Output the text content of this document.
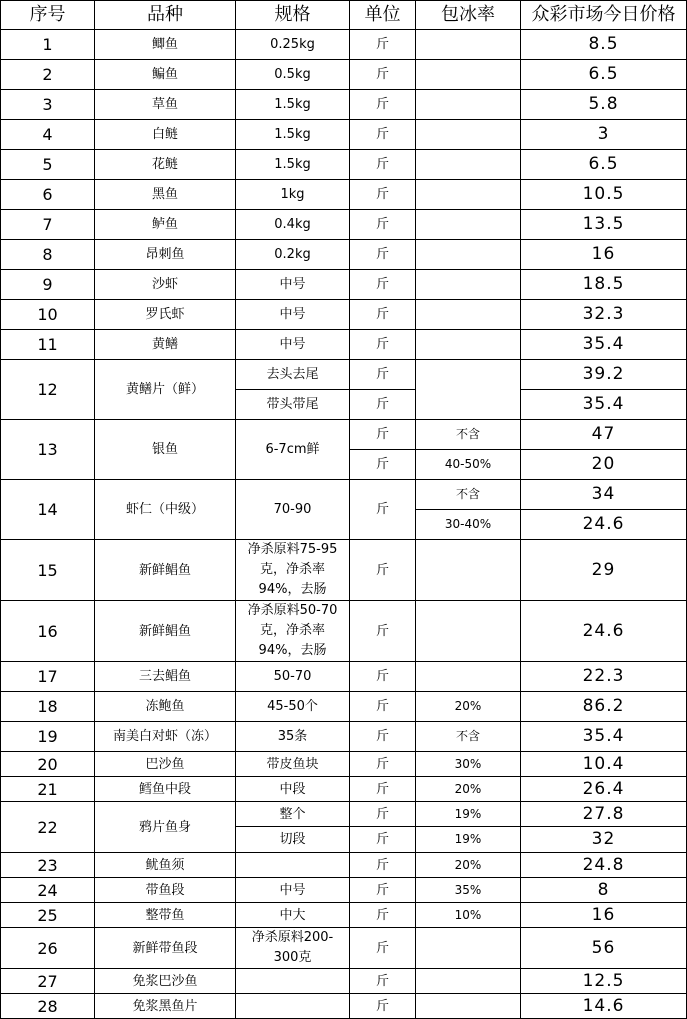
序号	品种	规格	单位	包冰率	众彩市场今日价格
1	鲫鱼	0.25kg	斤		8.5
2	鳊鱼	0.5kg	斤		6.5
3	草鱼	1.5kg	斤		5.8
4	白鲢	1.5kg	斤		3
5	花鲢	1.5kg	斤		6.5
6	黑鱼	1kg	斤		10.5
7	鲈鱼	0.4kg	斤		13.5
8	昂刺鱼	0.2kg	斤		16
9	沙虾	中号	斤		18.5
10	罗氏虾	中号	斤		32.3
11	黄鳝	中号	斤		35.4
12	黄鳝片（鲜）	去头去尾	斤		39.2
		带头带尾	斤		35.4
13	银鱼	6-7cm鲜	斤	不含	47
			斤	40-50%	20
14	虾仁（中级）	70-90	斤	不含	34
				30-40%	24.6
15	新鲜鲳鱼	净杀原料75-95
克，净杀率
94%，去肠	斤		29
16	新鲜鲳鱼	净杀原料50-70
克，净杀率
94%，去肠	斤		24.6
17	三去鲳鱼	50-70	斤		22.3
18	冻鲍鱼	45-50个	斤	20%	86.2
19	南美白对虾（冻）	35条	斤	不含	35.4
20	巴沙鱼	带皮鱼块	斤	30%	10.4
21	鳕鱼中段	中段	斤	20%	26.4
22	鸦片鱼身	整个	斤	19%	27.8
		切段	斤	19%	32
23	鱿鱼须		斤	20%	24.8
24	带鱼段	中号	斤	35%	8
25	整带鱼	中大	斤	10%	16
26	新鲜带鱼段	净杀原料200-
300克	斤		56
27	免浆巴沙鱼		斤		12.5
28	免浆黑鱼片		斤		14.6
